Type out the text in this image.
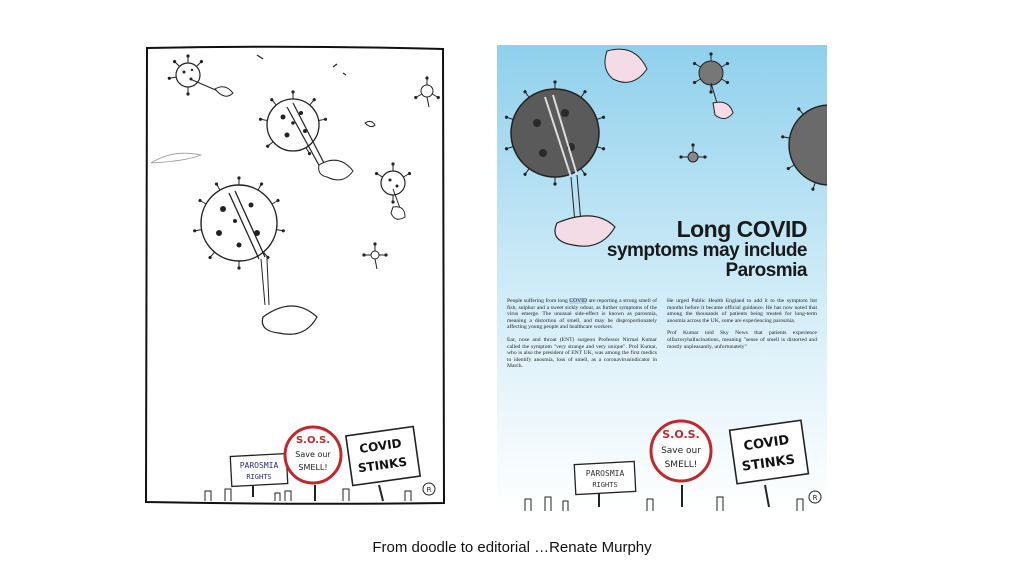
PAROSMIA
RIGHTS
S.O.S.
Save our
SMELL!
COVID
STINKS
R
PAROSMIA
RIGHTS
S.O.S.
Save our
SMELL!
COVID
STINKS
R
Long COVID
symptoms may include
Parosmia

People suffering from long COVID are reporting a strong smell of fish, sulphur and a sweet sickly odour, as further symptoms of the virus emerge. The unusual side-effect is known as parosmia, meaning a distortion of smell, and may be disproportionately affecting young people and healthcare workers.

Ear, nose and throat (ENT) surgeon Professor Nirmal Kumar called the symptom "very strange and very unique". Prof Kumar, who is also the president of ENT UK, was among the first medics to identify anosmia, loss of smell, as a coronavirusindicator in March.

He urged Public Health England to add it to the symptom list months before it became official guidance. He has now noted that among the thousands of patients being treated for long-term anosmia across the UK, some are experiencing parosmia.

Prof Kumar told Sky News that patients experience olfactoryhallucinations, meaning "sense of smell is distorted and mostly unpleasantly, unfortunately"

From doodle to editorial …Renate Murphy
